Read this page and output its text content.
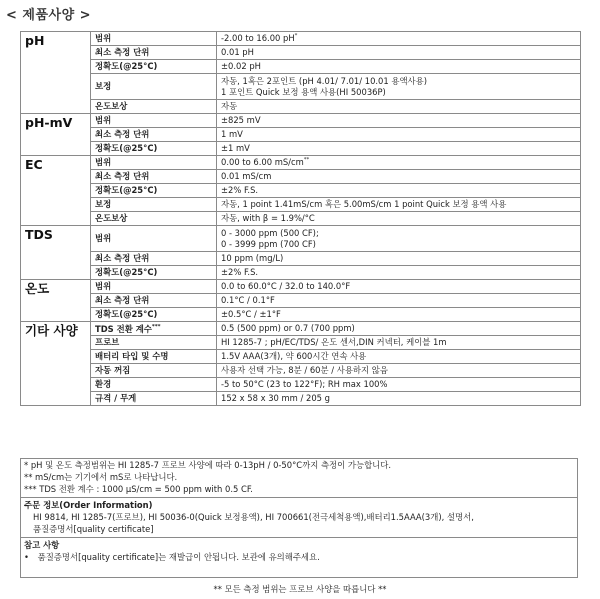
< 제품사양 >
pH	범위	-2.00 to 16.00 pH*
	최소 측정 단위	0.01 pH
	정확도(@25°C)	±0.02 pH
	보정	자동, 1혹은 2포인트 (pH 4.01/ 7.01/ 10.01 용액사용)
1 포인트 Quick 보정 용액 사용(HI 50036P)

	온도보상	자동
pH-mV	범위	±825 mV
	최소 측정 단위	1 mV
	정확도(@25°C)	±1 mV
EC	범위	0.00 to 6.00 mS/cm**
	최소 측정 단위	0.01 mS/cm
	정확도(@25°C)	±2% F.S.
	보정	자동, 1 point 1.41mS/cm 혹은 5.00mS/cm 1 point Quick 보정 용액 사용
	온도보상	자동, with β = 1.9%/°C
TDS	범위	0 - 3000 ppm (500 CF);
0 - 3999 ppm (700 CF)

	최소 측정 단위	10 ppm (mg/L)
	정확도(@25°C)	±2% F.S.
온도	범위	0.0 to 60.0°C / 32.0 to 140.0°F
	최소 측정 단위	0.1°C / 0.1°F
	정확도(@25°C)	±0.5°C / ±1°F
기타 사양	TDS 전환 계수***	0.5 (500 ppm) or 0.7 (700 ppm)
	프로브	HI 1285-7 ; pH/EC/TDS/ 온도 센서,DIN 커넥터, 케이블 1m
	배터리 타입 및 수명	1.5V AAA(3개), 약 600시간 연속 사용
	자동 꺼짐	사용자 선택 가능, 8분 / 60분 / 사용하지 않음
	환경	-5 to 50°C (23 to 122°F); RH max 100%
	규격 / 무게	152 x 58 x 30 mm / 205 g
* pH 및 온도 측정범위는 HI 1285-7 프로브 사양에 따라 0-13pH / 0-50°C까지 측정이 가능합니다.
** mS/cm는 기기에서 mS로 나타납니다.
*** TDS 전환 계수 : 1000 µS/cm = 500 ppm with 0.5 CF.
주문 정보(Order Information)
HI 9814, HI 1285-7(프로브), HI 50036-0(Quick 보정용액), HI 700661(전극세척용액),배터리1.5AAA(3개), 설명서,
품질증명서[quality certificate]
참고 사항
• 품질증명서[quality certificate]는 재발급이 안됩니다. 보관에 유의해주세요.
** 모든 측정 범위는 프로브 사양을 따릅니다 **
